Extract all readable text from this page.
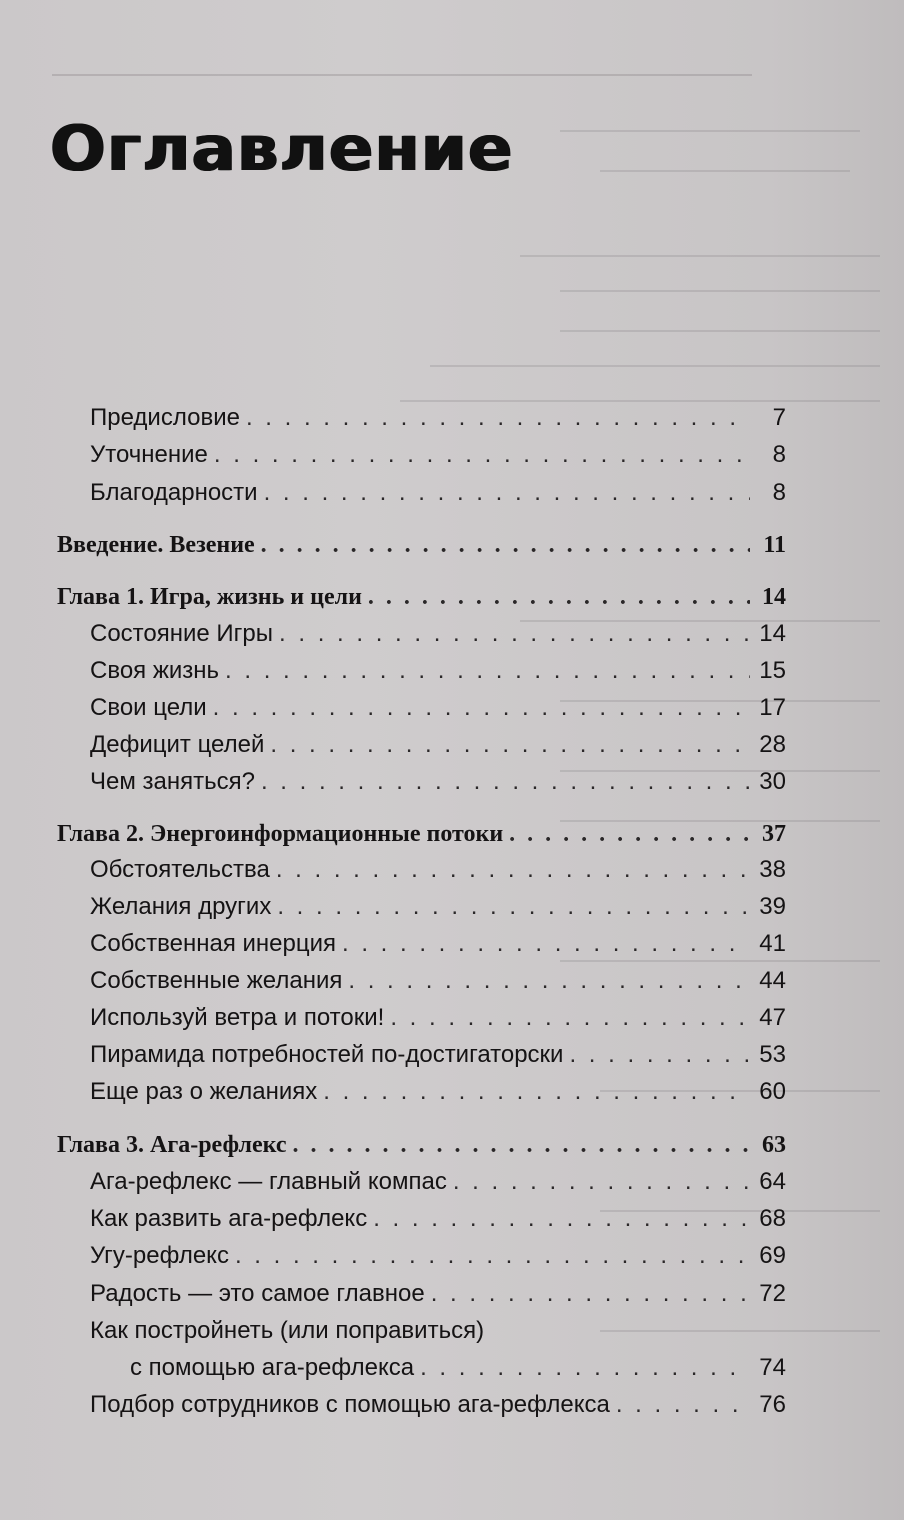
Оглавление
Предисловие . . .	7
Уточнение . . .	8
Благодарности . . .	8
Введение. Везение . . .	11
Глава 1. Игра, жизнь и цели . . .	14
Состояние Игры . . .	14
Своя жизнь . . .	15
Свои цели . . .	17
Дефицит целей . . .	28
Чем заняться? . . .	30
Глава 2. Энергоинформационные потоки . . .	37
Обстоятельства . . .	38
Желания других . . .	39
Собственная инерция . . .	41
Собственные желания . . .	44
Используй ветра и потоки! . . .	47
Пирамида потребностей по-достигаторски . . .	53
Еще раз о желаниях . . .	60
Глава 3. Ага-рефлекс . . .	63
Ага-рефлекс — главный компас . . .	64
Как развить ага-рефлекс . . .	68
Угу-рефлекс . . .	69
Радость — это самое главное . . .	72
Как постройнеть (или поправиться)
с помощью ага-рефлекса . . .	74
Подбор сотрудников с помощью ага-рефлекса . . .	76
